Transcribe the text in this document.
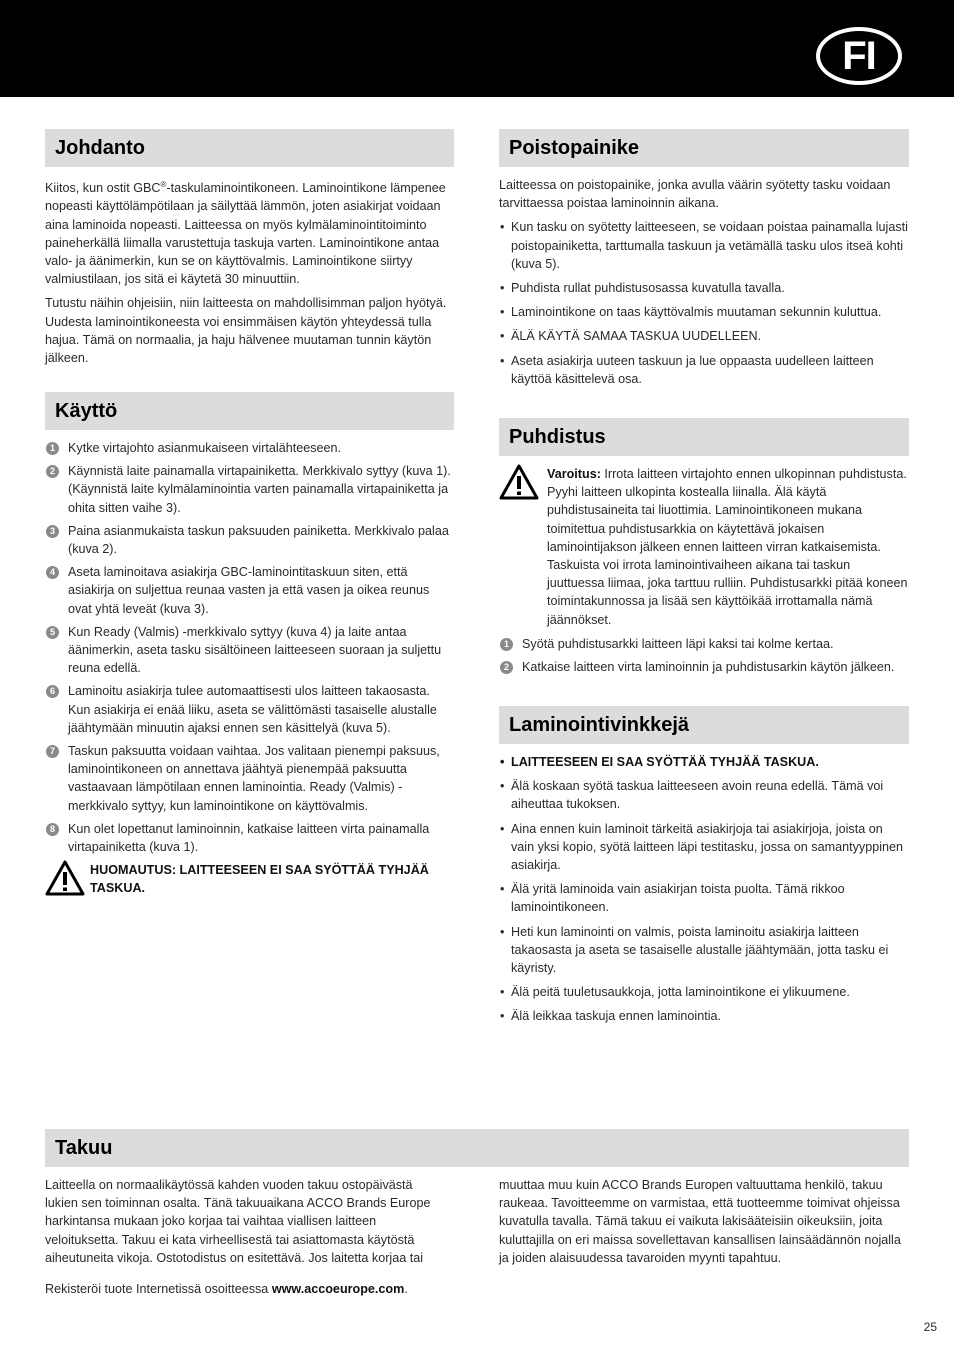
FI
Johdanto

Kiitos, kun ostit GBC®-taskulaminointikoneen. Laminointikone lämpenee nopeasti käyttölämpötilaan ja säilyttää lämmön, joten asiakirjat voidaan aina laminoida nopeasti. Laitteessa on myös kylmälaminointitoiminto paineherkällä liimalla varustettuja taskuja varten. Laminointikone antaa valo- ja äänimerkin, kun se on käyttövalmis. Laminointikone siirtyy valmiustilaan, jos sitä ei käytetä 30 minuuttiin.

Tutustu näihin ohjeisiin, niin laitteesta on mahdollisimman paljon hyötyä. Uudesta laminointikoneesta voi ensimmäisen käytön yhteydessä tulla hajua. Tämä on normaalia, ja haju hälvenee muutaman tunnin käytön jälkeen.

Käyttö
1	Kytke virtajohto asianmukaiseen virtalähteeseen.
2	Käynnistä laite painamalla virtapainiketta. Merkkivalo syttyy (kuva 1). (Käynnistä laite kylmälaminointia varten painamalla virtapainiketta ja ohita sitten vaihe 3).
3	Paina asianmukaista taskun paksuuden painiketta. Merkkivalo palaa (kuva 2).
4	Aseta laminoitava asiakirja GBC-laminointitaskuun siten, että asiakirja on suljettua reunaa vasten ja että vasen ja oikea reunus ovat yhtä leveät (kuva 3).
5	Kun Ready (Valmis) -merkkivalo syttyy (kuva 4) ja laite antaa äänimerkin, aseta tasku sisältöineen laitteeseen suoraan ja suljettu reuna edellä.
6	Laminoitu asiakirja tulee automaattisesti ulos laitteen takaosasta. Kun asiakirja ei enää liiku, aseta se välittömästi tasaiselle alustalle jäähtymään minuutin ajaksi ennen sen käsittelyä (kuva 5).
7	Taskun paksuutta voidaan vaihtaa. Jos valitaan pienempi paksuus, laminointikoneen on annettava jäähtyä pienempää paksuutta vastaavaan lämpötilaan ennen laminointia. Ready (Valmis) -merkkivalo syttyy, kun laminointikone on käyttövalmis.
8	Kun olet lopettanut laminoinnin, katkaise laitteen virta painamalla virtapainiketta (kuva 1).

HUOMAUTUS: LAITTEESEEN EI SAA SYÖTTÄÄ TYHJÄÄ TASKUA.

Poistopainike

Laitteessa on poistopainike, jonka avulla väärin syötetty tasku voidaan tarvittaessa poistaa laminoinnin aikana.

• Kun tasku on syötetty laitteeseen, se voidaan poistaa painamalla lujasti poistopainiketta, tarttumalla taskuun ja vetämällä tasku ulos itseä kohti (kuva 5).
• Puhdista rullat puhdistusosassa kuvatulla tavalla.
• Laminointikone on taas käyttövalmis muutaman sekunnin kuluttua.
• ÄLÄ KÄYTÄ SAMAA TASKUA UUDELLEEN.
• Aseta asiakirja uuteen taskuun ja lue oppaasta uudelleen laitteen käyttöä käsittelevä osa.
Puhdistus

Varoitus: Irrota laitteen virtajohto ennen ulkopinnan puhdistusta. Pyyhi laitteen ulkopinta kostealla liinalla. Älä käytä puhdistusaineita tai liuottimia. Laminointikoneen mukana toimitettua puhdistusarkkia on käytettävä jokaisen laminointijakson jälkeen ennen laitteen virran katkaisemista. Taskuista voi irrota laminointivaiheen aikana tai taskun juuttuessa liimaa, joka tarttuu rulliin. Puhdistusarkki pitää koneen toimintakunnossa ja lisää sen käyttöikää irrottamalla nämä jäännökset.

1	Syötä puhdistusarkki laitteen läpi kaksi tai kolme kertaa.
2	Katkaise laitteen virta laminoinnin ja puhdistusarkin käytön jälkeen.
Laminointivinkkejä
• LAITTEESEEN EI SAA SYÖTTÄÄ TYHJÄÄ TASKUA.
• Älä koskaan syötä taskua laitteeseen avoin reuna edellä. Tämä voi aiheuttaa tukoksen.
• Aina ennen kuin laminoit tärkeitä asiakirjoja tai asiakirjoja, joista on vain yksi kopio, syötä laitteen läpi testitasku, jossa on samantyyppinen asiakirja.
• Älä yritä laminoida vain asiakirjan toista puolta. Tämä rikkoo laminointikoneen.
• Heti kun laminointi on valmis, poista laminoitu asiakirja laitteen takaosasta ja aseta se tasaiselle alustalle jäähtymään, jotta tasku ei käyristy.
• Älä peitä tuuletusaukkoja, jotta laminointikone ei ylikuumene.
• Älä leikkaa taskuja ennen laminointia.
Takuu

Laitteella on normaalikäytössä kahden vuoden takuu ostopäivästä lukien sen toiminnan osalta. Tänä takuuaikana ACCO Brands Europe harkintansa mukaan joko korjaa tai vaihtaa viallisen laitteen veloituksetta. Takuu ei kata virheellisestä tai asiattomasta käytöstä aiheutuneita vikoja. Ostotodistus on esitettävä. Jos laitetta korjaa tai

muuttaa muu kuin ACCO Brands Europen valtuuttama henkilö, takuu raukeaa. Tavoitteemme on varmistaa, että tuotteemme toimivat ohjeissa kuvatulla tavalla. Tämä takuu ei vaikuta lakisääteisiin oikeuksiin, joita kuluttajilla on eri maissa sovellettavan kansallisen lainsäädännön nojalla ja joiden alaisuudessa tavaroiden myynti tapahtuu.

Rekisteröi tuote Internetissä osoitteessa www.accoeurope.com.

25
